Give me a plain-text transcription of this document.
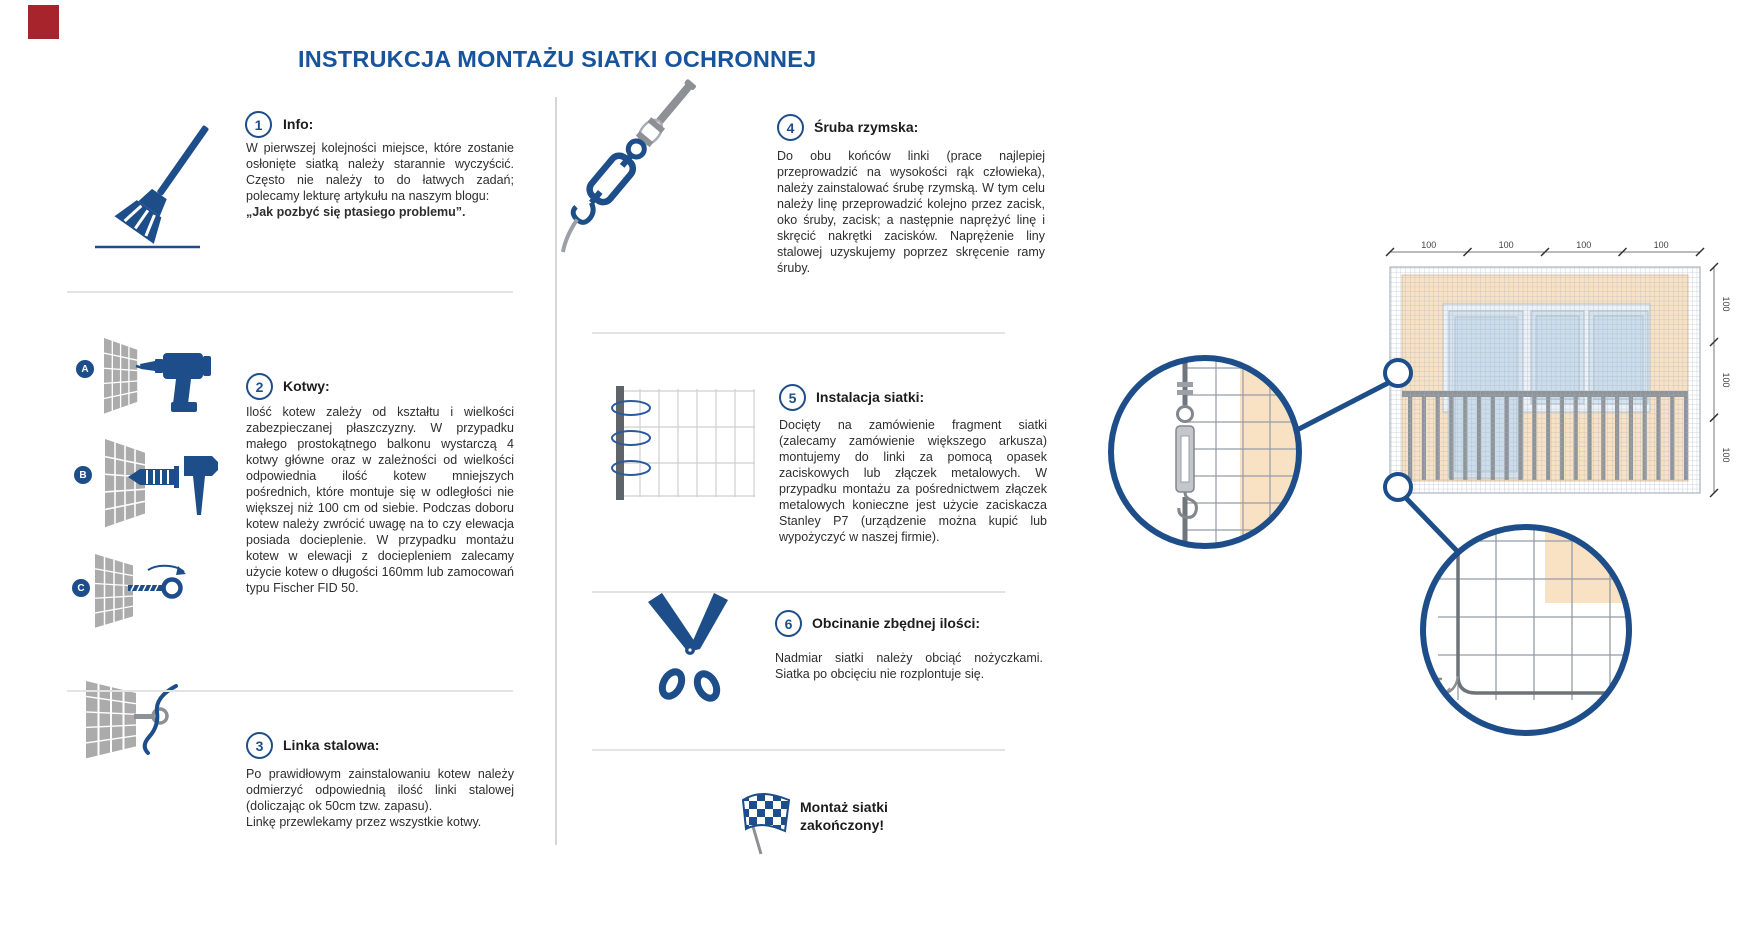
100	100	100	100
100
100
100
INSTRUKCJA MONTAŻU SIATKI OCHRONNEJ
1 Info:

W pierwszej kolejności miejsce, które zostanie osłonięte siatką należy starannie wyczyścić. Często nie należy to do łatwych zadań; polecamy lekturę artykułu na naszym blogu:

„Jak pozbyć się ptasiego problemu”.

2 Kotwy:

Ilość kotew zależy od kształtu i wielkości zabezpieczanej płaszczyzny. W przypadku małego prostokątnego balkonu wystarczą 4 kotwy główne oraz w zależności od wielkości odpowiednia ilość kotew mniejszych pośrednich, które montuje się w odległości nie większej niż 100 cm od siebie. Podczas doboru kotew należy zwrócić uwagę na to czy elewacja posiada docieplenie. W przypadku montażu kotew w elewacji z dociepleniem zalecamy użycie kotew o długości 160mm lub zamocowań typu Fischer FID 50.

3 Linka stalowa:

Po prawidłowym zainstalowaniu kotew należy odmierzyć odpowiednią ilość linki stalowej (doliczając ok 50cm tzw. zapasu).

Linkę przewlekamy przez wszystkie kotwy.

4 Śruba rzymska:

Do obu końców linki (prace najlepiej przeprowadzić na wysokości rąk człowieka), należy zainstalować śrubę rzymską. W tym celu należy linę przeprowadzić kolejno przez zacisk, oko śruby, zacisk; a następnie naprężyć linę i skręcić nakrętki zacisków. Naprężenie liny stalowej uzyskujemy poprzez skręcenie ramy śruby.

5 Instalacja siatki:

Docięty na zamówienie fragment siatki (zalecamy zamówienie większego arkusza) montujemy do linki za pomocą opasek zaciskowych lub złączek metalowych. W przypadku montażu za pośrednictwem złączek metalowych konieczne jest użycie zaciskacza Stanley P7 (urządzenie można kupić lub wypożyczyć w naszej firmie).

6 Obcinanie zbędnej ilości:

Nadmiar siatki należy obciąć nożyczkami. Siatka po obcięciu nie rozplontuje się.

A
B
C
Montaż siatki
zakończony!
